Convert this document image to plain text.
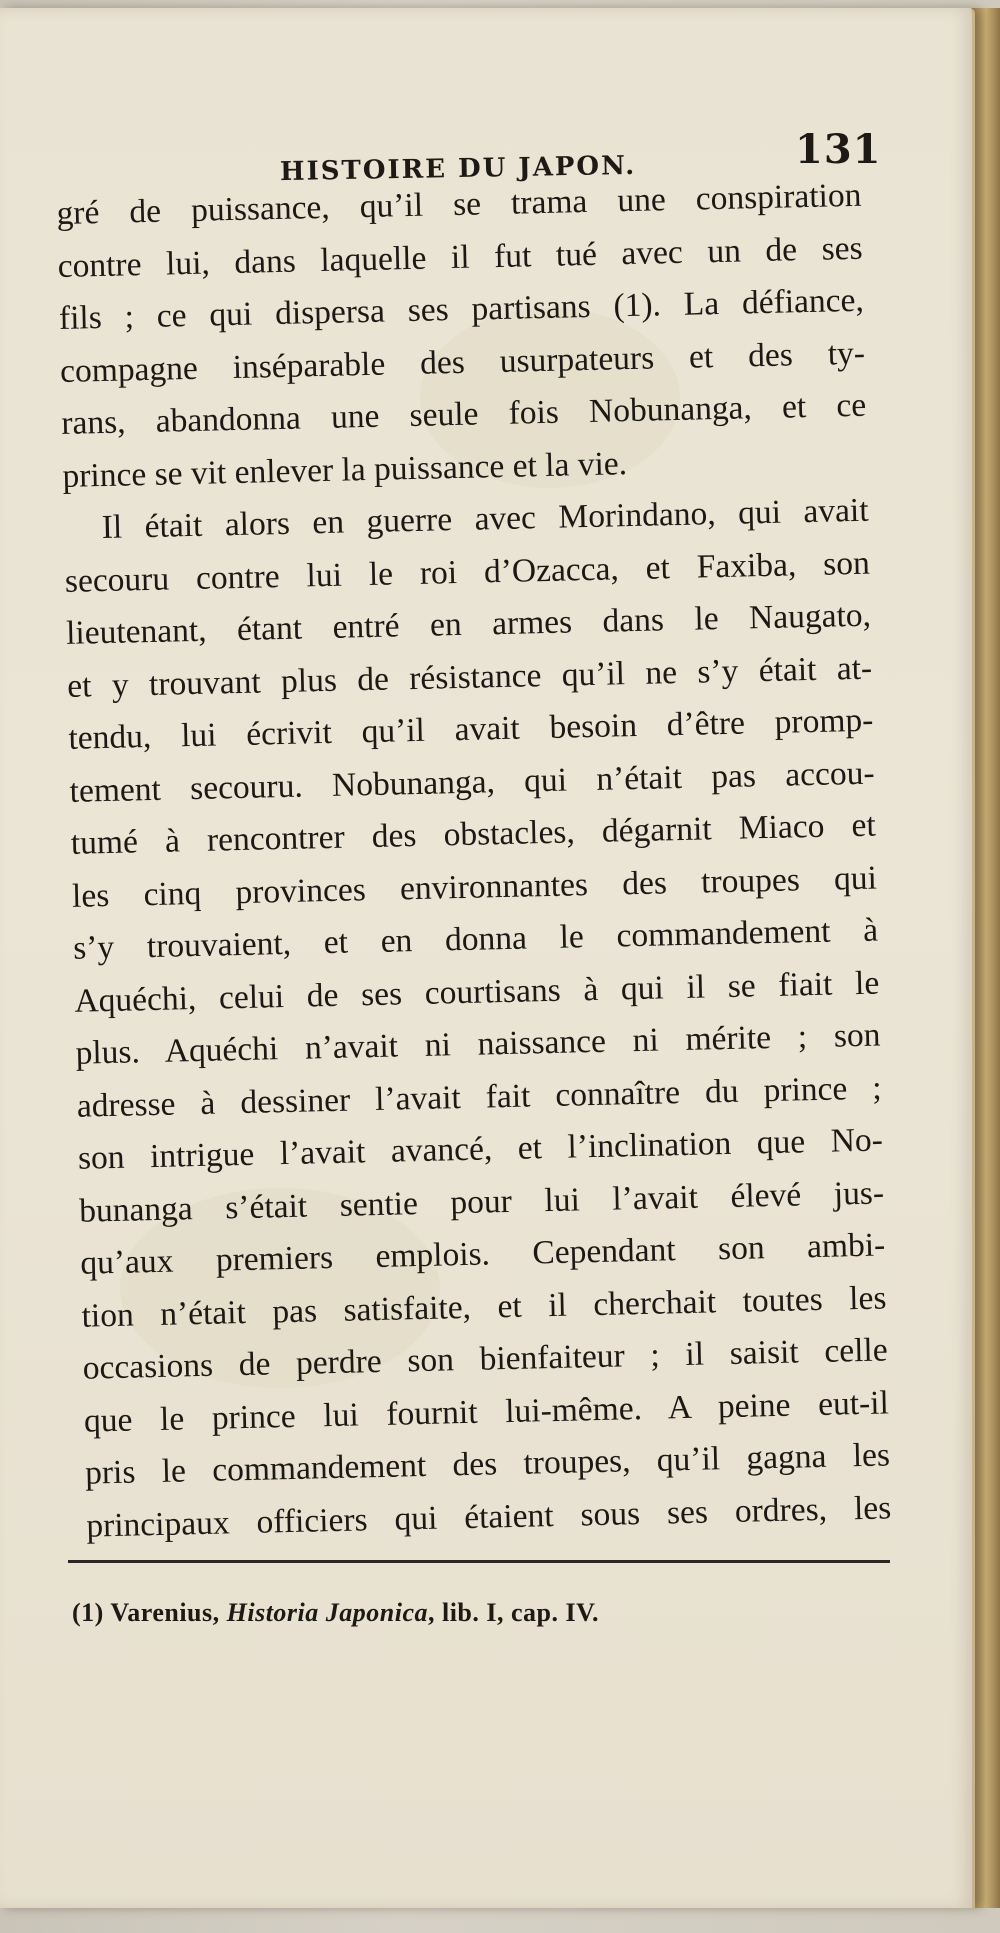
HISTOIRE DU JAPON.	131
gré de puissance, qu’il se trama une conspiration
contre lui, dans laquelle il fut tué avec un de ses
fils ; ce qui dispersa ses partisans (1). La défiance,
compagne inséparable des usurpateurs et des ty-
rans, abandonna une seule fois Nobunanga, et ce
prince se vit enlever la puissance et la vie.
Il était alors en guerre avec Morindano, qui avait
secouru contre lui le roi d’Ozacca, et Faxiba, son
lieutenant, étant entré en armes dans le Naugato,
et y trouvant plus de résistance qu’il ne s’y était at-
tendu, lui écrivit qu’il avait besoin d’être promp-
tement secouru. Nobunanga, qui n’était pas accou-
tumé à rencontrer des obstacles, dégarnit Miaco et
les cinq provinces environnantes des troupes qui
s’y trouvaient, et en donna le commandement à
Aquéchi, celui de ses courtisans à qui il se fiait le
plus. Aquéchi n’avait ni naissance ni mérite ; son
adresse à dessiner l’avait fait connaître du prince ;
son intrigue l’avait avancé, et l’inclination que No-
bunanga s’était sentie pour lui l’avait élevé jus-
qu’aux premiers emplois. Cependant son ambi-
tion n’était pas satisfaite, et il cherchait toutes les
occasions de perdre son bienfaiteur ; il saisit celle
que le prince lui fournit lui-même. A peine eut-il
pris le commandement des troupes, qu’il gagna les
principaux officiers qui étaient sous ses ordres, les
(1) Varenius, Historia Japonica, lib. I, cap. IV.
